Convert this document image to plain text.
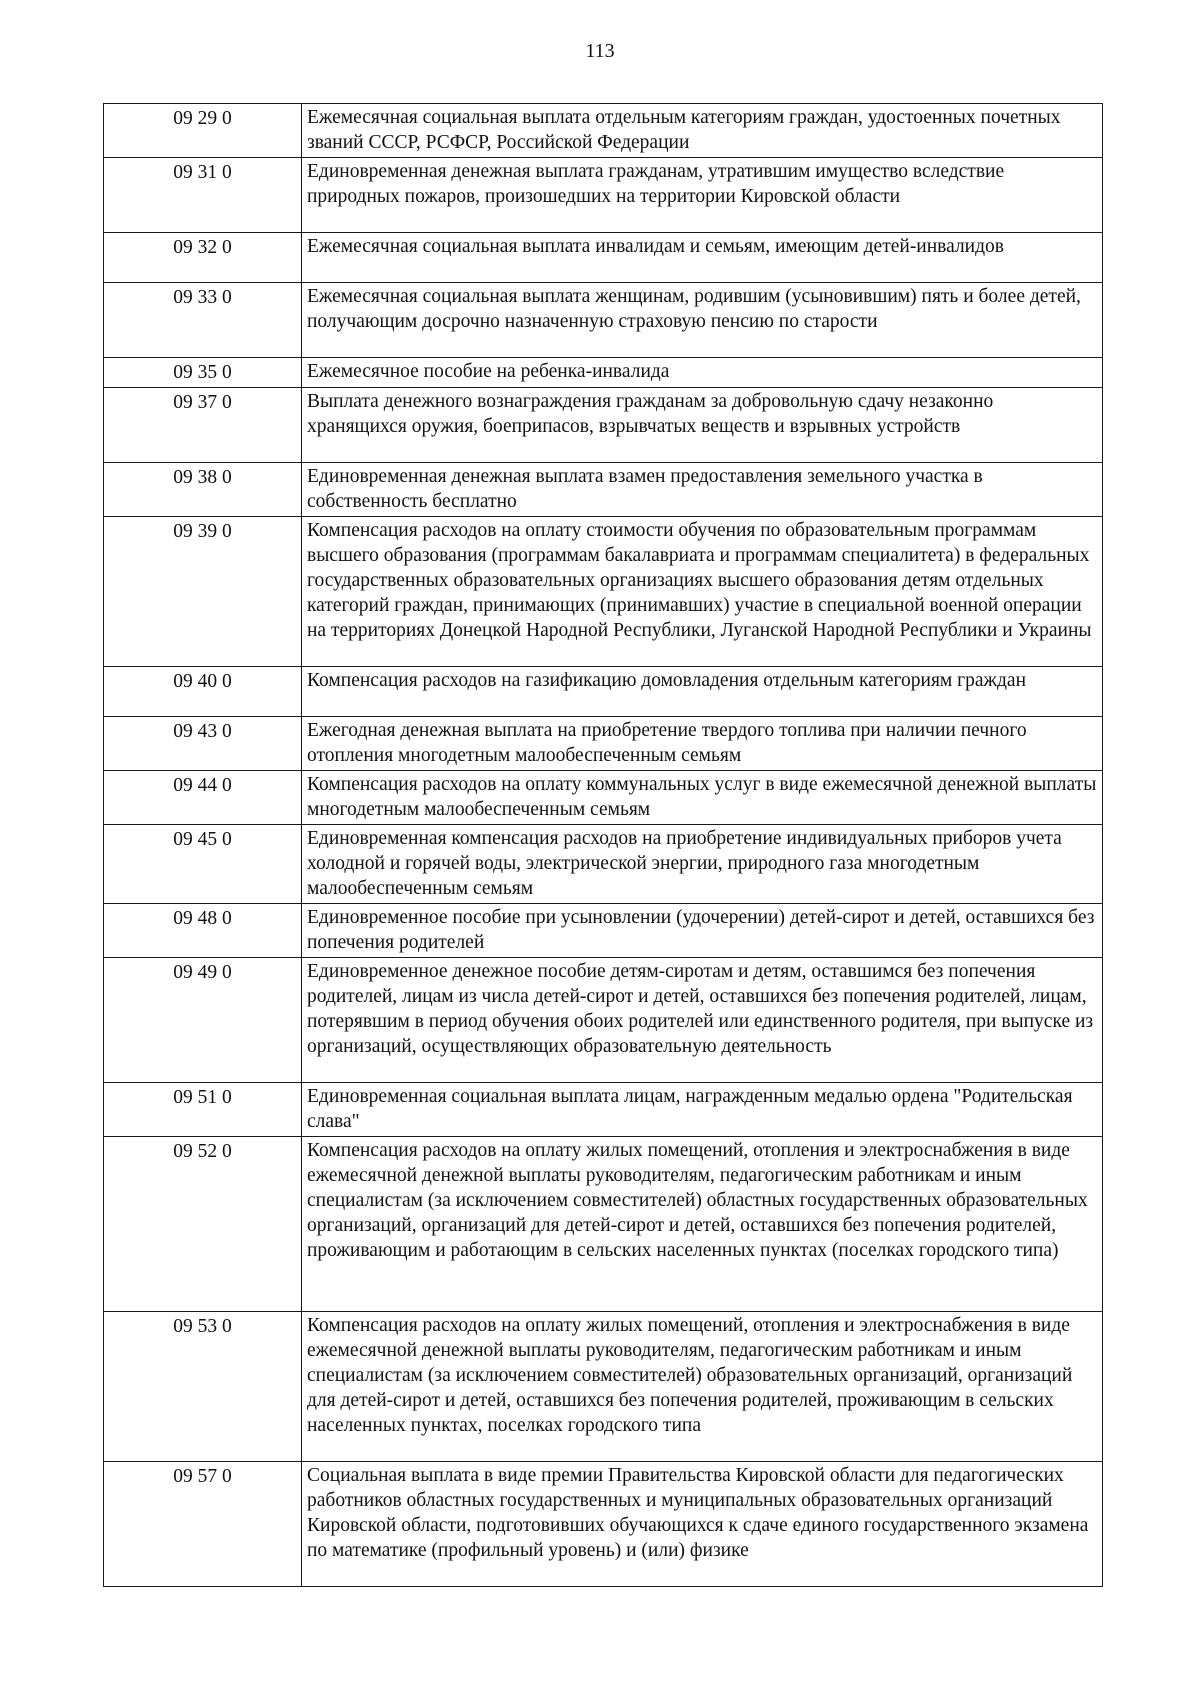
113
09 29 0	Ежемесячная социальная выплата отдельным категориям граждан, удостоенных почетных званий СССР, РСФСР, Российской Федерации
09 31 0	Единовременная денежная выплата гражданам, утратившим имущество вследствие природных пожаров, произошедших на территории Кировской области
09 32 0	Ежемесячная социальная выплата инвалидам и семьям, имеющим детей-инвалидов
09 33 0	Ежемесячная социальная выплата женщинам, родившим (усыновившим) пять и более детей, получающим досрочно назначенную страховую пенсию по старости
09 35 0	Ежемесячное пособие на ребенка-инвалида
09 37 0	Выплата денежного вознаграждения гражданам за добровольную сдачу незаконно хранящихся оружия, боеприпасов, взрывчатых веществ и взрывных устройств
09 38 0	Единовременная денежная выплата взамен предоставления земельного участка в собственность бесплатно
09 39 0	Компенсация расходов на оплату стоимости обучения по образовательным программам высшего образования (программам бакалавриата и программам специалитета) в федеральных государственных образовательных организациях высшего образования детям отдельных категорий граждан, принимающих (принимавших) участие в специальной военной операции на территориях Донецкой Народной Республики, Луганской Народной Республики и Украины
09 40 0	Компенсация расходов на газификацию домовладения отдельным категориям граждан
09 43 0	Ежегодная денежная выплата на приобретение твердого топлива при наличии печного отопления многодетным малообеспеченным семьям
09 44 0	Компенсация расходов на оплату коммунальных услуг в виде ежемесячной денежной выплаты многодетным малообеспеченным семьям
09 45 0	Единовременная компенсация расходов на приобретение индивидуальных приборов учета холодной и горячей воды, электрической энергии, природного газа многодетным малообеспеченным семьям
09 48 0	Единовременное пособие при усыновлении (удочерении) детей-сирот и детей, оставшихся без попечения родителей
09 49 0	Единовременное денежное пособие детям-сиротам и детям, оставшимся без попечения родителей, лицам из числа детей-сирот и детей, оставшихся без попечения родителей, лицам, потерявшим в период обучения обоих родителей или единственного родителя, при выпуске из организаций, осуществляющих образовательную деятельность
09 51 0	Единовременная социальная выплата лицам, награжденным медалью ордена "Родительская слава"
09 52 0	Компенсация расходов на оплату жилых помещений, отопления и электроснабжения в виде ежемесячной денежной выплаты руководителям, педагогическим работникам и иным специалистам (за исключением совместителей) областных государственных образовательных организаций, организаций для детей-сирот и детей, оставшихся без попечения родителей, проживающим и работающим в сельских населенных пунктах (поселках городского типа)
09 53 0	Компенсация расходов на оплату жилых помещений, отопления и электроснабжения в виде ежемесячной денежной выплаты руководителям, педагогическим работникам и иным специалистам (за исключением совместителей) образовательных организаций, организаций для детей-сирот и детей, оставшихся без попечения родителей, проживающим в сельских населенных пунктах, поселках городского типа
09 57 0	Социальная выплата в виде премии Правительства Кировской области для педагогических работников областных государственных и муниципальных образовательных организаций Кировской области, подготовивших обучающихся к сдаче единого государственного экзамена по математике (профильный уровень) и (или) физике
